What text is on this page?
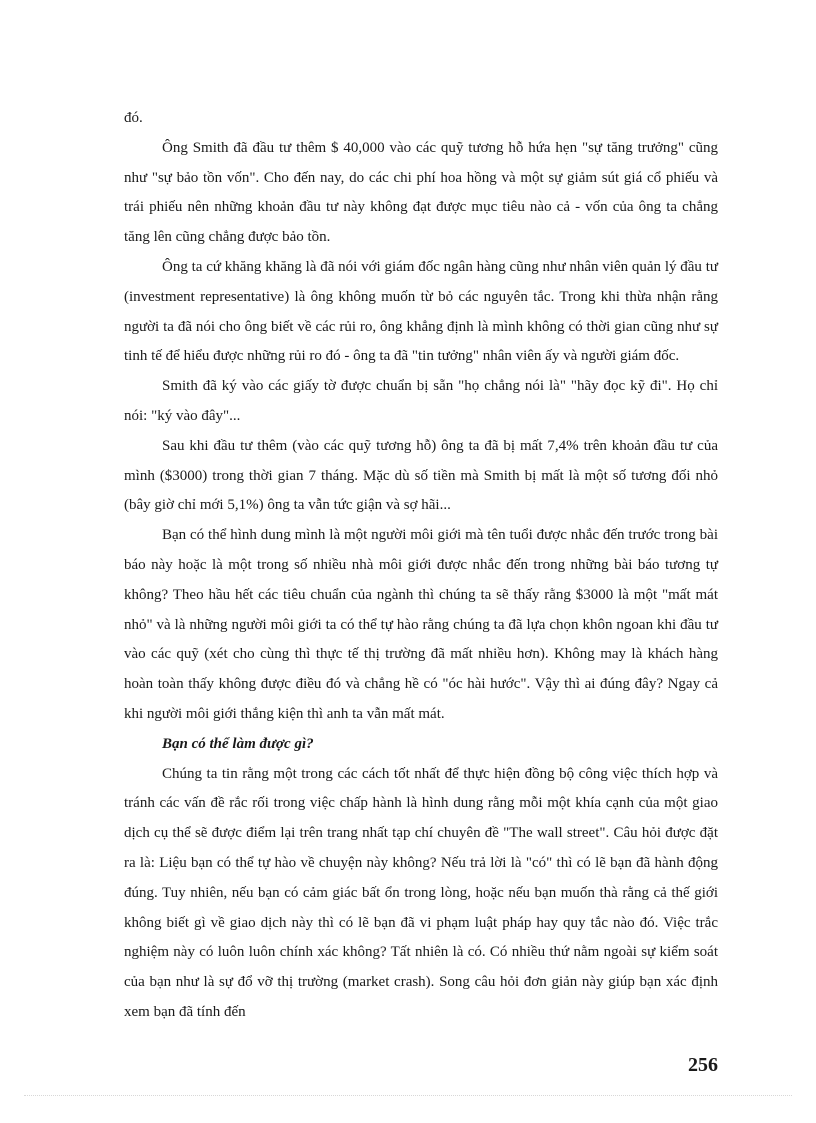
đó.

Ông Smith đã đầu tư thêm $ 40,000 vào các quỹ tương hỗ hứa hẹn "sự tăng trưởng" cũng như "sự bảo tồn vốn". Cho đến nay, do các chi phí hoa hồng và một sự giảm sút giá cổ phiếu và trái phiếu nên những khoản đầu tư này không đạt được mục tiêu nào cả - vốn của ông ta chẳng tăng lên cũng chẳng được bảo tồn.

Ông ta cứ khăng khăng là đã nói với giám đốc ngân hàng cũng như nhân viên quản lý đầu tư (investment representative) là ông không muốn từ bỏ các nguyên tắc. Trong khi thừa nhận rằng người ta đã nói cho ông biết về các rủi ro, ông khẳng định là mình không có thời gian cũng như sự tinh tế để hiểu được những rủi ro đó - ông ta đã "tin tưởng" nhân viên ấy và người giám đốc.

Smith đã ký vào các giấy tờ được chuẩn bị sẵn "họ chẳng nói là" "hãy đọc kỹ đi". Họ chỉ nói: "ký vào đây"...

Sau khi đầu tư thêm (vào các quỹ tương hỗ) ông ta đã bị mất 7,4% trên khoản đầu tư của mình ($3000) trong thời gian 7 tháng. Mặc dù số tiền mà Smith bị mất là một số tương đối nhỏ (bây giờ chỉ mới 5,1%) ông ta vẫn tức giận và sợ hãi...

Bạn có thể hình dung mình là một người môi giới mà tên tuổi được nhắc đến trước trong bài báo này hoặc là một trong số nhiều nhà môi giới được nhắc đến trong những bài báo tương tự không? Theo hầu hết các tiêu chuẩn của ngành thì chúng ta sẽ thấy rằng $3000 là một "mất mát nhỏ" và là những người môi giới ta có thể tự hào rằng chúng ta đã lựa chọn khôn ngoan khi đầu tư vào các quỹ (xét cho cùng thì thực tế thị trường đã mất nhiều hơn). Không may là khách hàng hoàn toàn thấy không được điều đó và chẳng hề có "óc hài hước". Vậy thì ai đúng đây? Ngay cả khi người môi giới thắng kiện thì anh ta vẫn mất mát.

Bạn có thể làm được gì?

Chúng ta tin rằng một trong các cách tốt nhất để thực hiện đồng bộ công việc thích hợp và tránh các vấn đề rắc rối trong việc chấp hành là hình dung rằng mỗi một khía cạnh của một giao dịch cụ thể sẽ được điểm lại trên trang nhất tạp chí chuyên đề "The wall street". Câu hỏi được đặt ra là: Liệu bạn có thể tự hào về chuyện này không? Nếu trả lời là "có" thì có lẽ bạn đã hành động đúng. Tuy nhiên, nếu bạn có cảm giác bất ổn trong lòng, hoặc nếu bạn muốn thà rằng cả thế giới không biết gì về giao dịch này thì có lẽ bạn đã vi phạm luật pháp hay quy tắc nào đó. Việc trắc nghiệm này có luôn luôn chính xác không? Tất nhiên là có. Có nhiều thứ nằm ngoài sự kiểm soát của bạn như là sự đổ vỡ thị trường (market crash). Song câu hỏi đơn giản này giúp bạn xác định xem bạn đã tính đến

256
